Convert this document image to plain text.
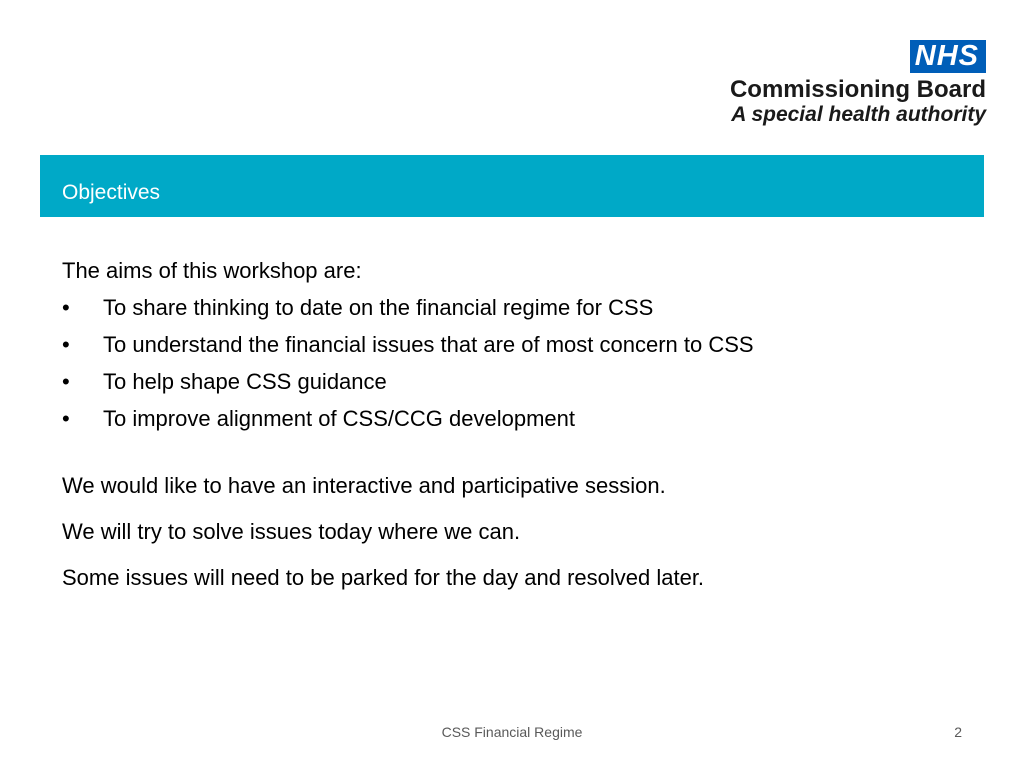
NHS
Commissioning Board
A special health authority
Objectives
The aims of this workshop are:
• To share thinking to date on the financial regime for CSS
• To understand the financial issues that are of most concern to CSS
• To help shape CSS guidance
• To improve alignment of CSS/CCG development
We would like to have an interactive and participative session.
We will try to solve issues today where we can.
Some issues will need to be parked for the day and resolved later.
CSS Financial Regime	2
